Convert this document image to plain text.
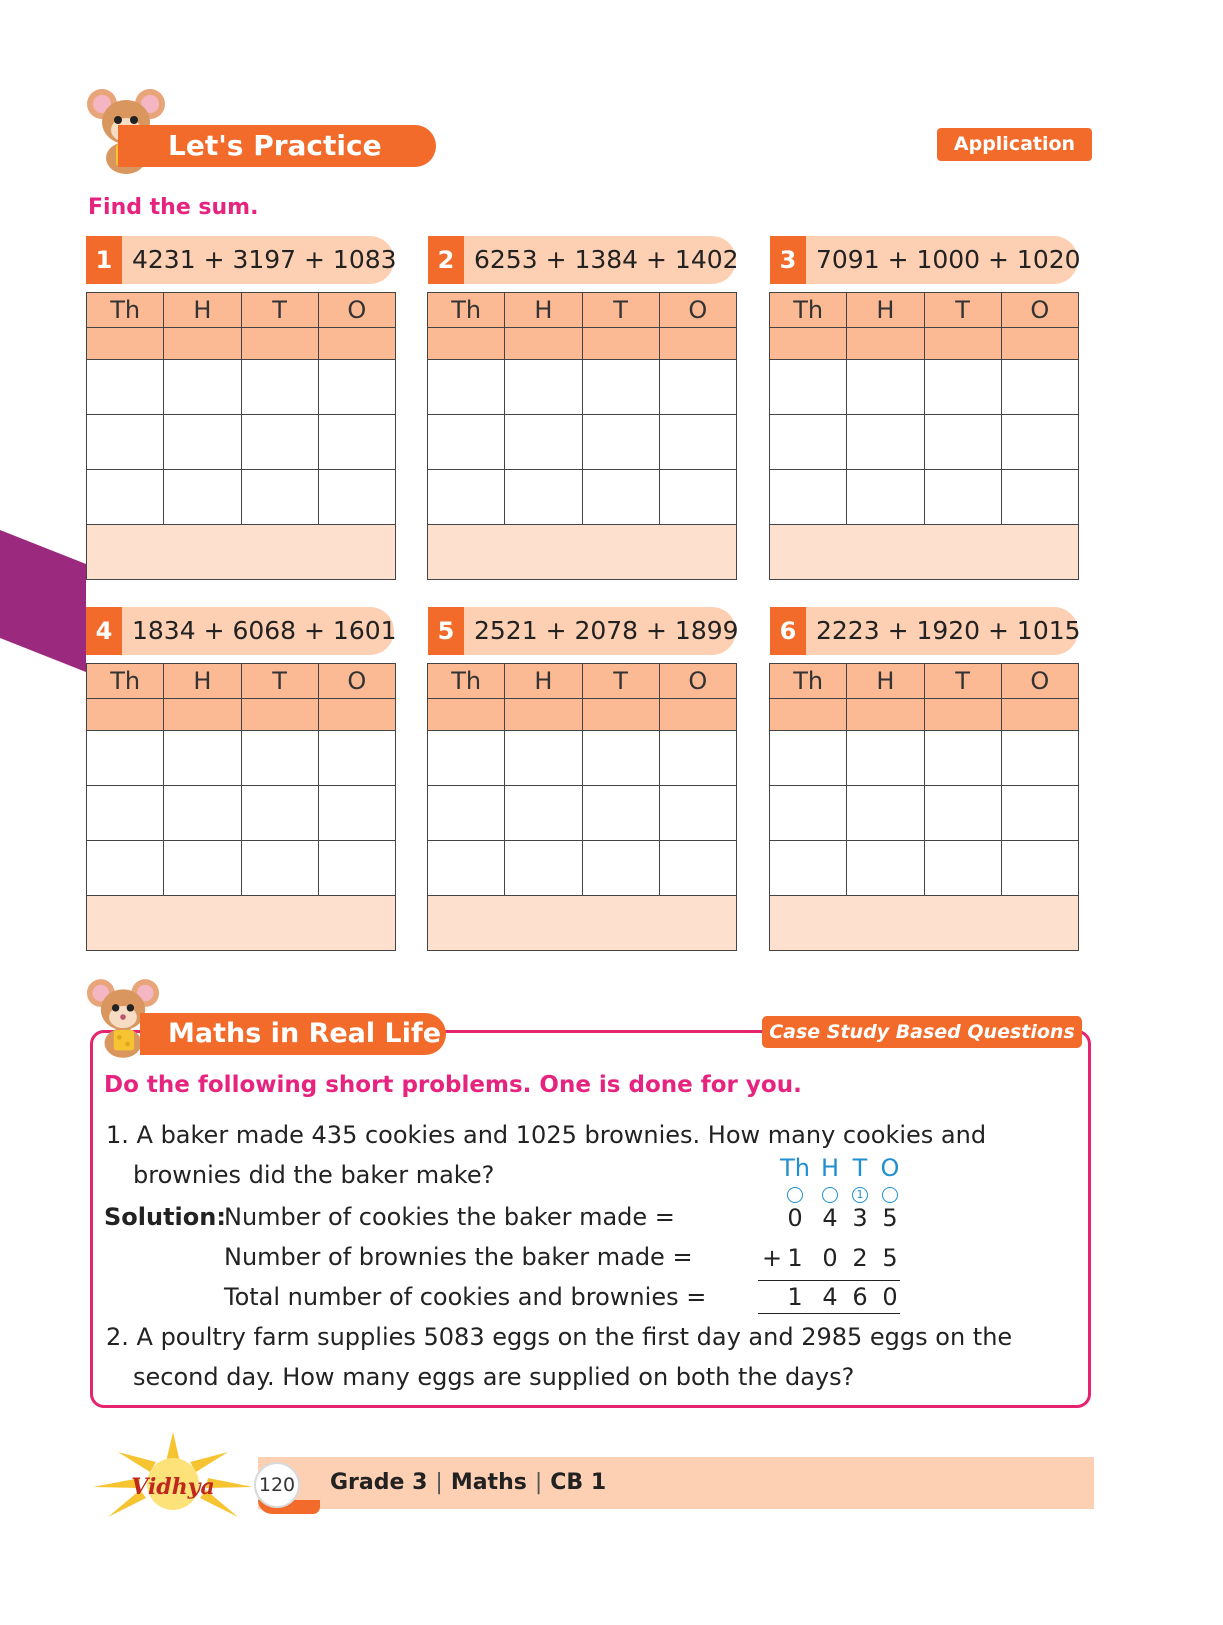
Let's Practice 3.6
Application
Find the sum.
1 4231 + 3197 + 1083
Th	H	T	O

2 6253 + 1384 + 1402
Th	H	T	O

3 7091 + 1000 + 1020
Th	H	T	O

4 1834 + 6068 + 1601
Th	H	T	O

5 2521 + 2078 + 1899
Th	H	T	O

6 2223 + 1920 + 1015
Th	H	T	O

Maths in Real Life	Case Study Based Questions
Do the following short problems. One is done for you.
1. A baker made 435 cookies and 1025 brownies. How many cookies and
brownies did the baker make?
Solution:
Number of cookies the baker made =
Number of brownies the baker made =
Total number of cookies and brownies =
Th H T O
1
0 4 3 5
+ 1 0 2 5
1 4 6 0
2. A poultry farm supplies 5083 eggs on the first day and 2985 eggs on the
second day. How many eggs are supplied on both the days?
Vidhya 120 Grade 3 | Maths | CB 1
